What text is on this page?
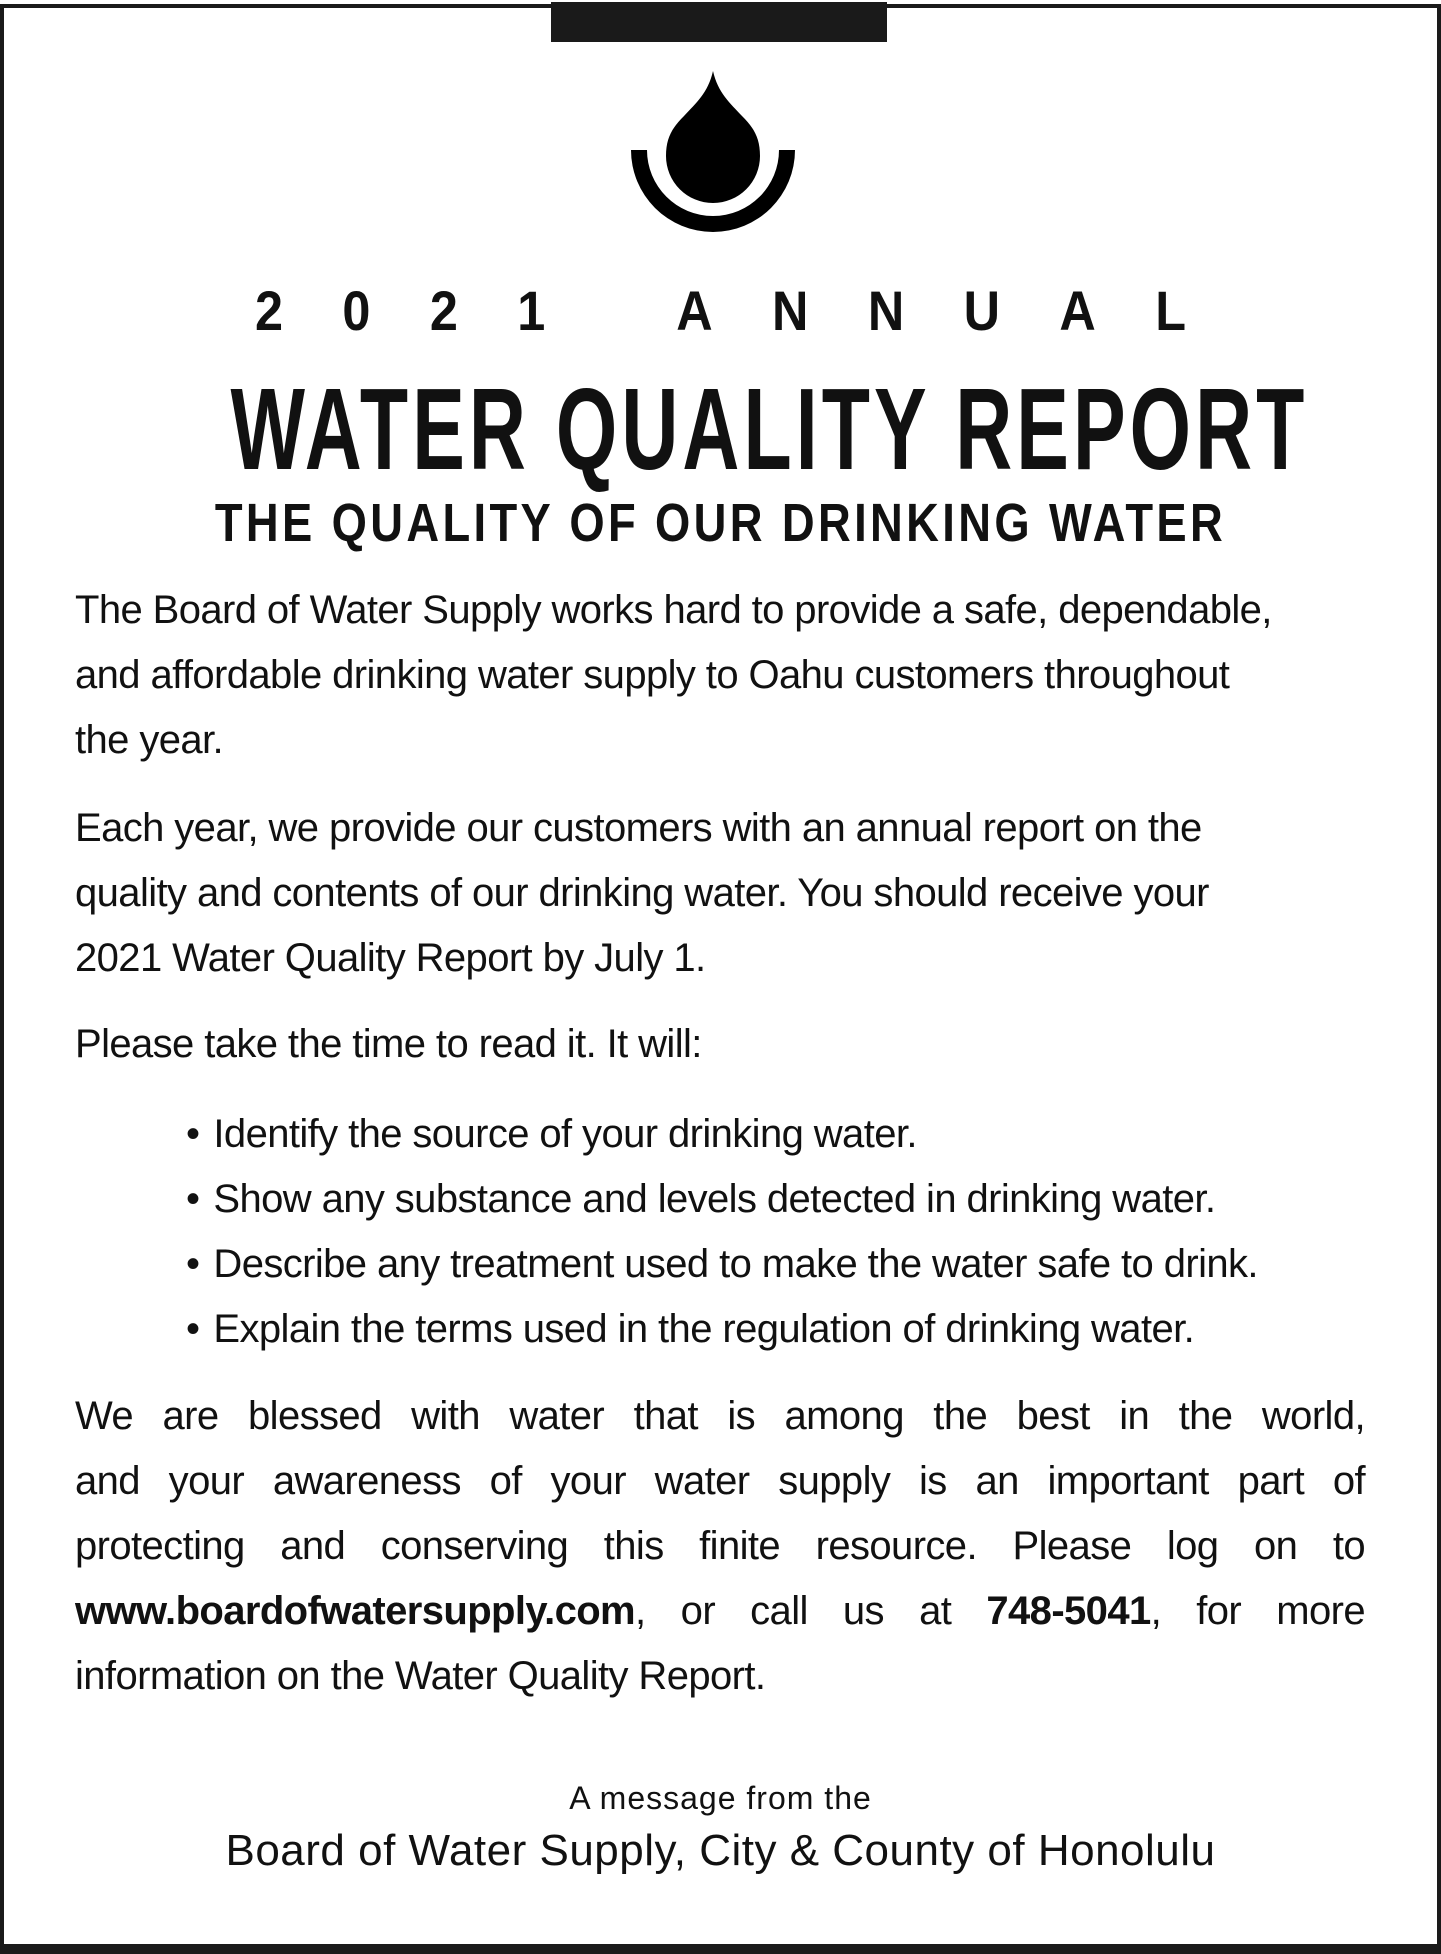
2021 ANNUAL
WATER QUALITY REPORT
THE QUALITY OF OUR DRINKING WATER
The Board of Water Supply works hard to provide a safe, dependable,
and affordable drinking water supply to Oahu customers throughout
the year.
Each year, we provide our customers with an annual report on the
quality and contents of our drinking water. You should receive your
2021 Water Quality Report by July 1.
Please take the time to read it. It will:
• Identify the source of your drinking water.
• Show any substance and levels detected in drinking water.
• Describe any treatment used to make the water safe to drink.
• Explain the terms used in the regulation of drinking water.
We are blessed with water that is among the best in the world,
and your awareness of your water supply is an important part of
protecting and conserving this finite resource. Please log on to
www.boardofwatersupply.com, or call us at 748-5041, for more
information on the Water Quality Report.
A message from the
Board of Water Supply, City & County of Honolulu
